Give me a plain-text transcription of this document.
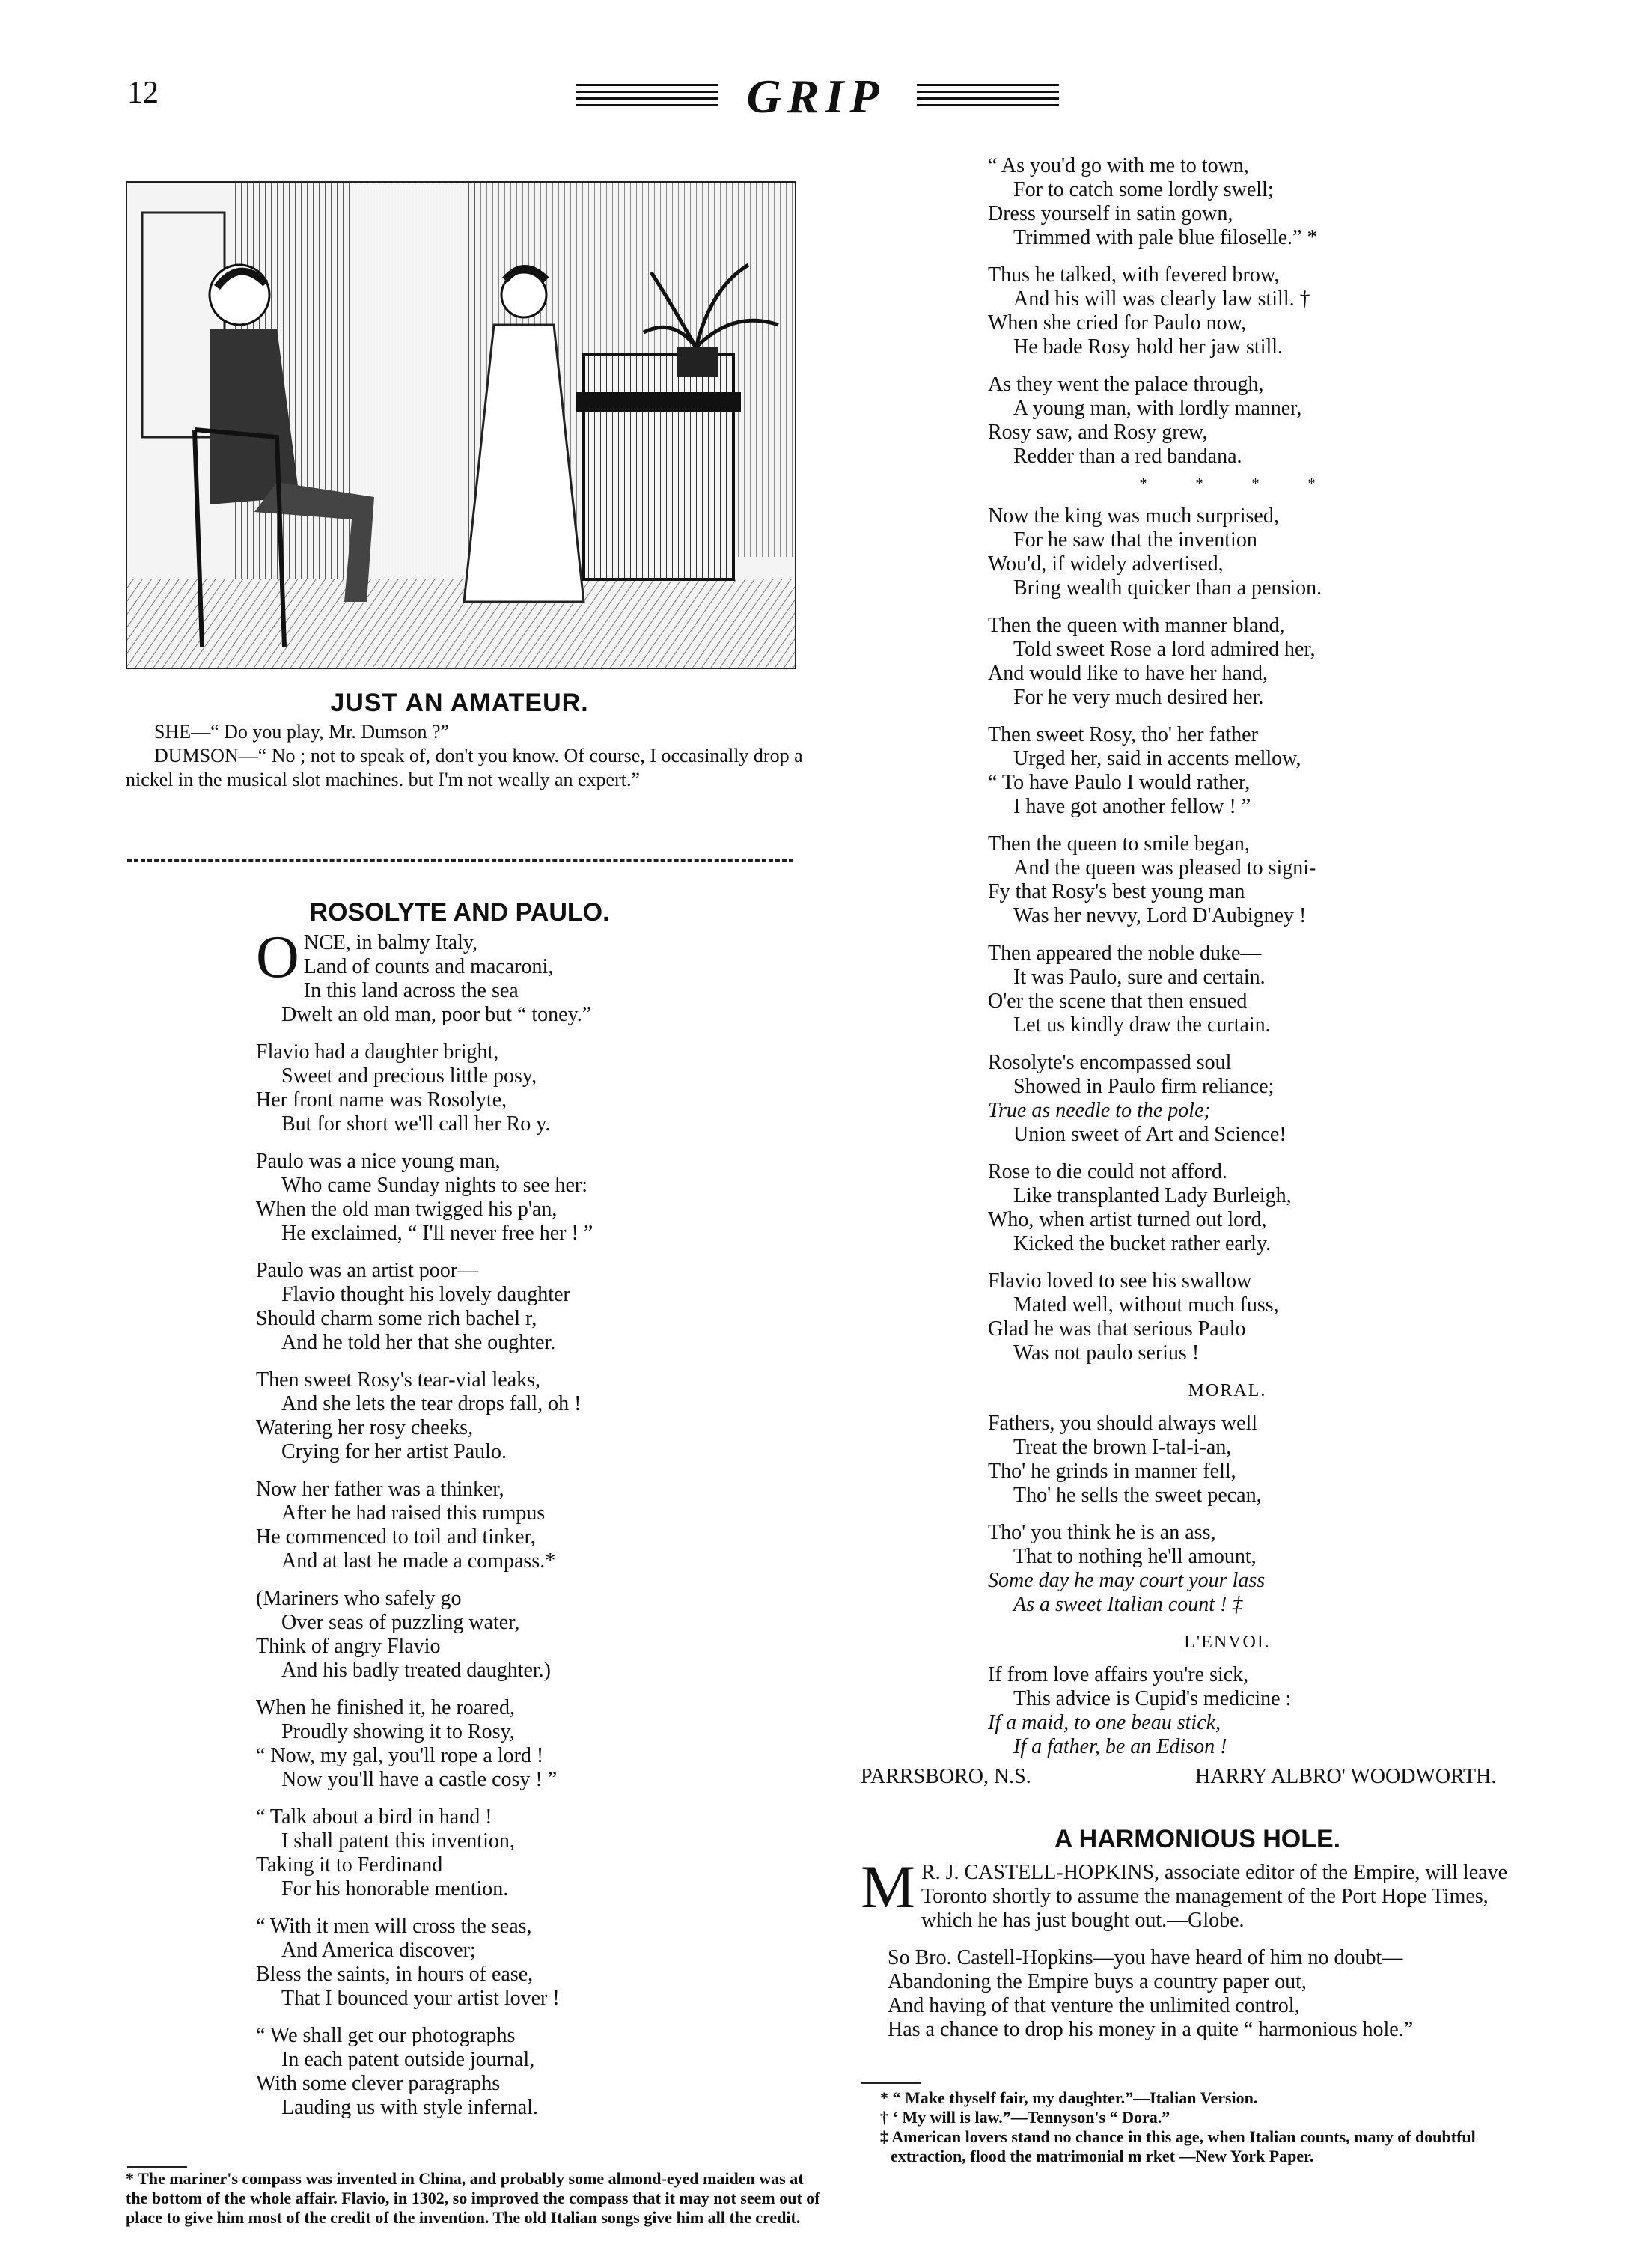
12	GRIP
JUST AN AMATEUR.

SHE—“ Do you play, Mr. Dumson ?”

DUMSON—“ No ; not to speak of, don't you know. Of course, I occasinally drop a nickel in the musical slot machines. but I'm not weally an expert.”

ROSOLYTE AND PAULO.
O NCE, in balmy Italy,
Land of counts and macaroni,
In this land across the sea
Dwelt an old man, poor but “ toney.”
Flavio had a daughter bright,
Sweet and precious little posy,
Her front name was Rosolyte,
But for short we'll call her Ro y.
Paulo was a nice young man,
Who came Sunday nights to see her:
When the old man twigged his p'an,
He exclaimed, “ I'll never free her ! ”
Paulo was an artist poor—
Flavio thought his lovely daughter
Should charm some rich bachel r,
And he told her that she oughter.
Then sweet Rosy's tear-vial leaks,
And she lets the tear drops fall, oh !
Watering her rosy cheeks,
Crying for her artist Paulo.
Now her father was a thinker,
After he had raised this rumpus
He commenced to toil and tinker,
And at last he made a compass.*
(Mariners who safely go
Over seas of puzzling water,
Think of angry Flavio
And his badly treated daughter.)
When he finished it, he roared,
Proudly showing it to Rosy,
“ Now, my gal, you'll rope a lord !
Now you'll have a castle cosy ! ”
“ Talk about a bird in hand !
I shall patent this invention,
Taking it to Ferdinand
For his honorable mention.
“ With it men will cross the seas,
And America discover;
Bless the saints, in hours of ease,
That I bounced your artist lover !
“ We shall get our photographs
In each patent outside journal,
With some clever paragraphs
Lauding us with style infernal.
* The mariner's compass was invented in China, and probably some almond-eyed maiden was at the bottom of the whole affair. Flavio, in 1302, so improved the compass that it may not seem out of place to give him most of the credit of the invention. The old Italian songs give him all the credit.
“ As you'd go with me to town,
For to catch some lordly swell;
Dress yourself in satin gown,
Trimmed with pale blue filoselle.” *
Thus he talked, with fevered brow,
And his will was clearly law still. †
When she cried for Paulo now,
He bade Rosy hold her jaw still.
As they went the palace through,
A young man, with lordly manner,
Rosy saw, and Rosy grew,
Redder than a red bandana.
* * * *
Now the king was much surprised,
For he saw that the invention
Wou'd, if widely advertised,
Bring wealth quicker than a pension.
Then the queen with manner bland,
Told sweet Rose a lord admired her,
And would like to have her hand,
For he very much desired her.
Then sweet Rosy, tho' her father
Urged her, said in accents mellow,
“ To have Paulo I would rather,
I have got another fellow ! ”
Then the queen to smile began,
And the queen was pleased to signi-
Fy that Rosy's best young man
Was her nevvy, Lord D'Aubigney !
Then appeared the noble duke—
It was Paulo, sure and certain.
O'er the scene that then ensued
Let us kindly draw the curtain.
Rosolyte's encompassed soul
Showed in Paulo firm reliance;
True as needle to the pole;
Union sweet of Art and Science!
Rose to die could not afford.
Like transplanted Lady Burleigh,
Who, when artist turned out lord,
Kicked the bucket rather early.
Flavio loved to see his swallow
Mated well, without much fuss,
Glad he was that serious Paulo
Was not paulo serius !
MORAL.
Fathers, you should always well
Treat the brown I-tal-i-an,
Tho' he grinds in manner fell,
Tho' he sells the sweet pecan,
Tho' you think he is an ass,
That to nothing he'll amount,
Some day he may court your lass
As a sweet Italian count ! ‡
L'ENVOI.
If from love affairs you're sick,
This advice is Cupid's medicine :
If a maid, to one beau stick,
If a father, be an Edison !
PARRSBORO, N.S.	HARRY ALBRO' WOODWORTH.
A HARMONIOUS HOLE.
M R. J. CASTELL-HOPKINS, associate editor of the Empire, will leave Toronto shortly to assume the management of the Port Hope Times, which he has just bought out.—Globe.
So Bro. Castell-Hopkins—you have heard of him no doubt—
Abandoning the Empire buys a country paper out,
And having of that venture the unlimited control,
Has a chance to drop his money in a quite “ harmonious hole.”
* “ Make thyself fair, my daughter.”—Italian Version.
† ‘ My will is law.”—Tennyson's “ Dora.”
‡ American lovers stand no chance in this age, when Italian counts, many of doubtful extraction, flood the matrimonial m rket —New York Paper.
